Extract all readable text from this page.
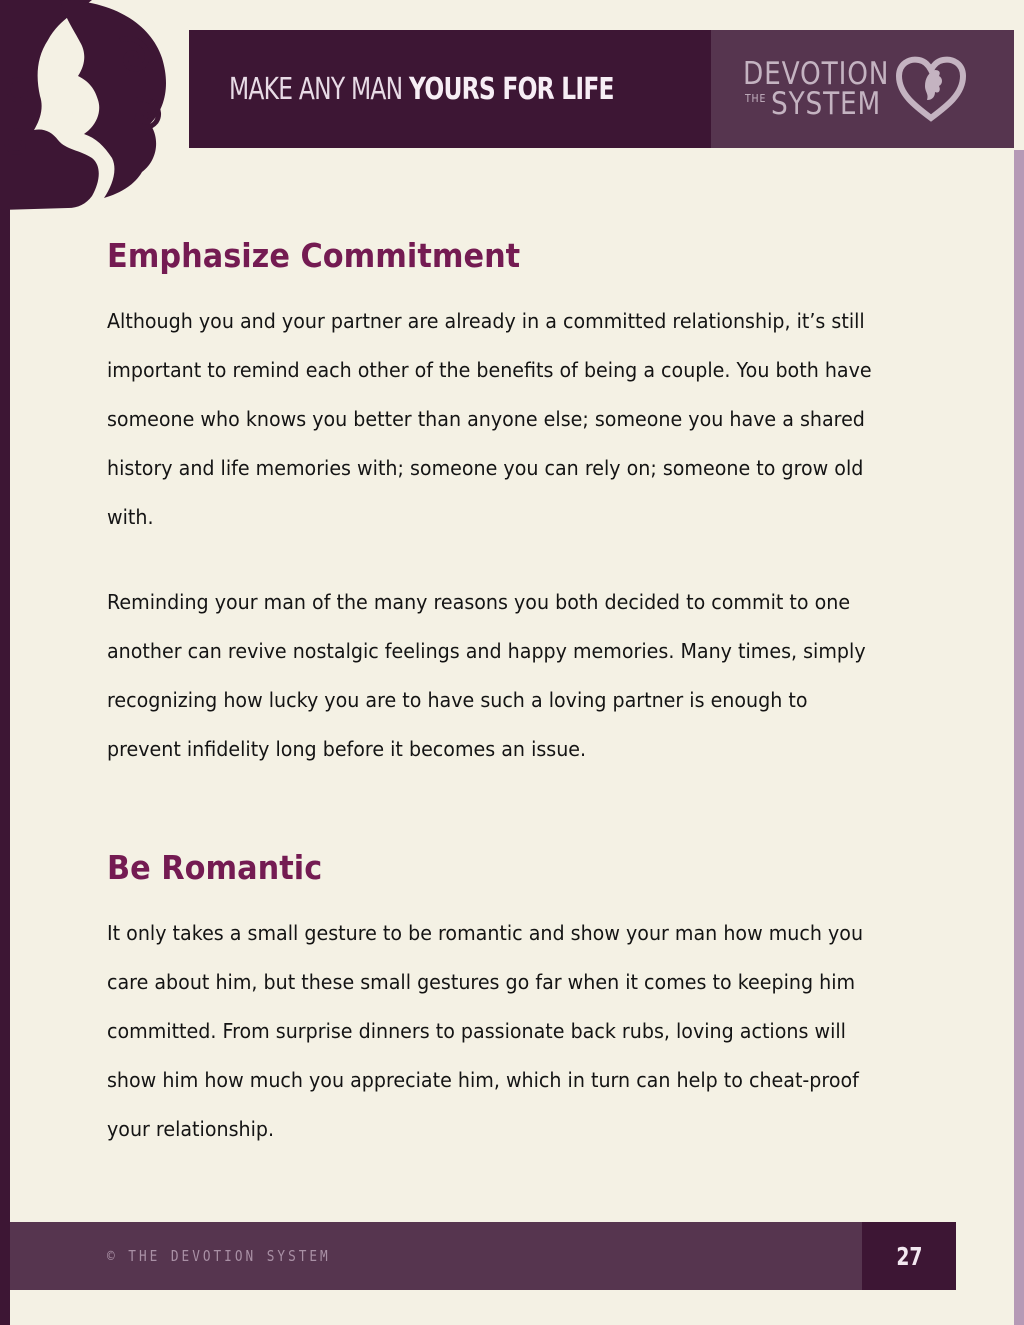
MAKE ANY MAN YOURS FOR LIFE	DEVOTION
THE SYSTEM
Emphasize Commitment

Although you and your partner are already in a committed relationship, it’s still important to remind each other of the benefits of being a couple. You both have someone who knows you better than anyone else; someone you have a shared history and life memories with; someone you can rely on; someone to grow old with.

Reminding your man of the many reasons you both decided to commit to one another can revive nostalgic feelings and happy memories. Many times, simply recognizing how lucky you are to have such a loving partner is enough to prevent infidelity long before it becomes an issue.

Be Romantic

It only takes a small gesture to be romantic and show your man how much you care about him, but these small gestures go far when it comes to keeping him committed. From surprise dinners to passionate back rubs, loving actions will show him how much you appreciate him, which in turn can help to cheat-proof your relationship.

© THE DEVOTION SYSTEM	27
